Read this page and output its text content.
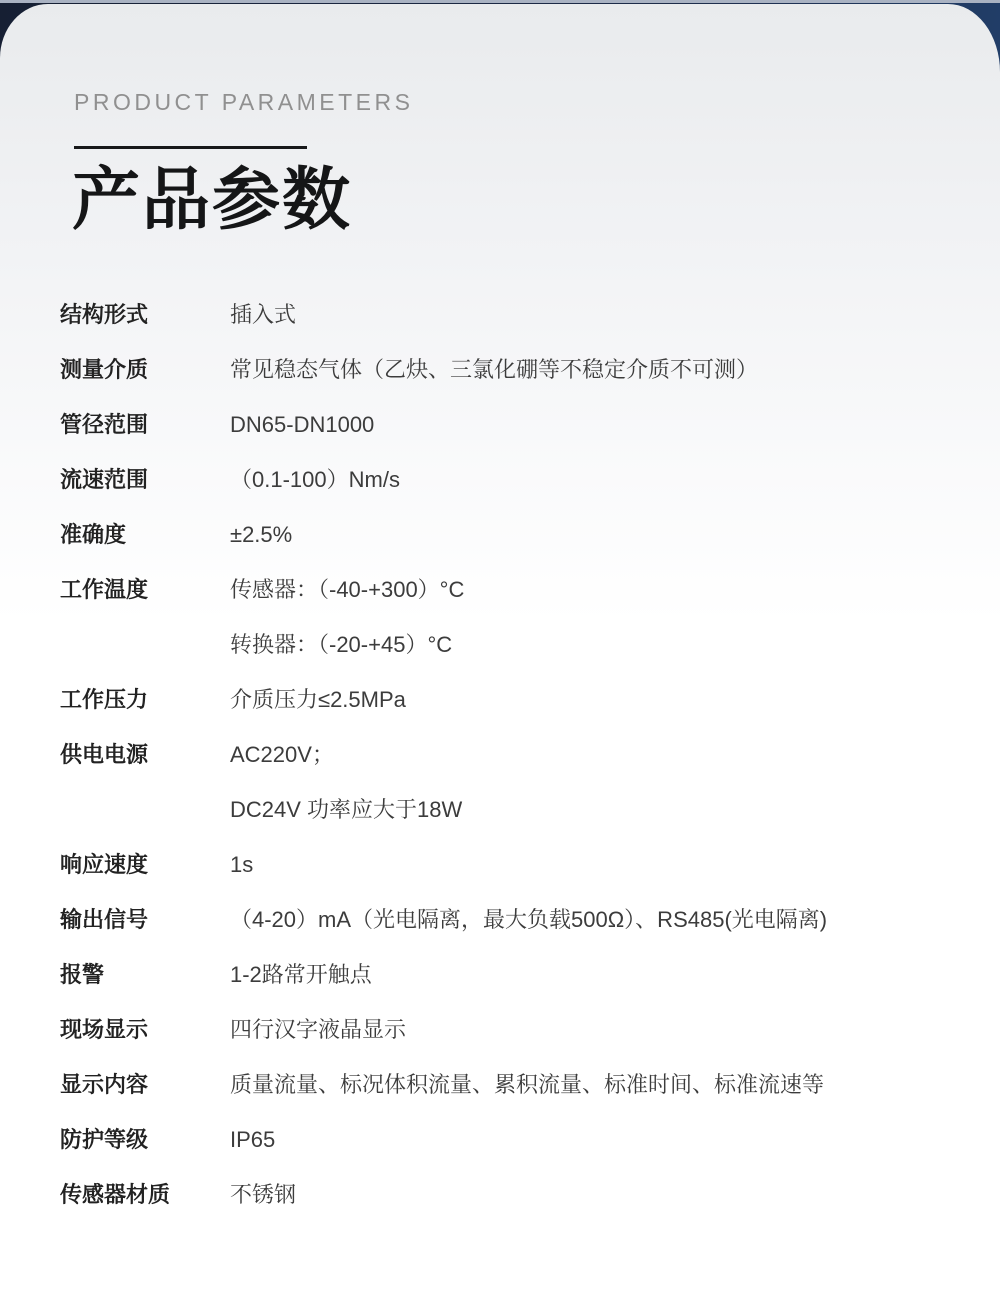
PRODUCT PARAMETERS
产品参数
结构形式	插入式
测量介质	常见稳态气体（乙炔、三氯化硼等不稳定介质不可测）
管径范围	DN65-DN1000
流速范围	（0.1-100）Nm/s
准确度	±2.5%
工作温度	传感器：（-40-+300）°C
转换器：（-20-+45）°C
工作压力	介质压力≤2.5MPa
供电电源	AC220V；
DC24V 功率应大于18W
响应速度	1s
输出信号	（4-20）mA（光电隔离，最大负载500Ω）、RS485(光电隔离)
报警	1-2路常开触点
现场显示	四行汉字液晶显示
显示内容	质量流量、标况体积流量、累积流量、标准时间、标准流速等
防护等级	IP65
传感器材质	不锈钢
